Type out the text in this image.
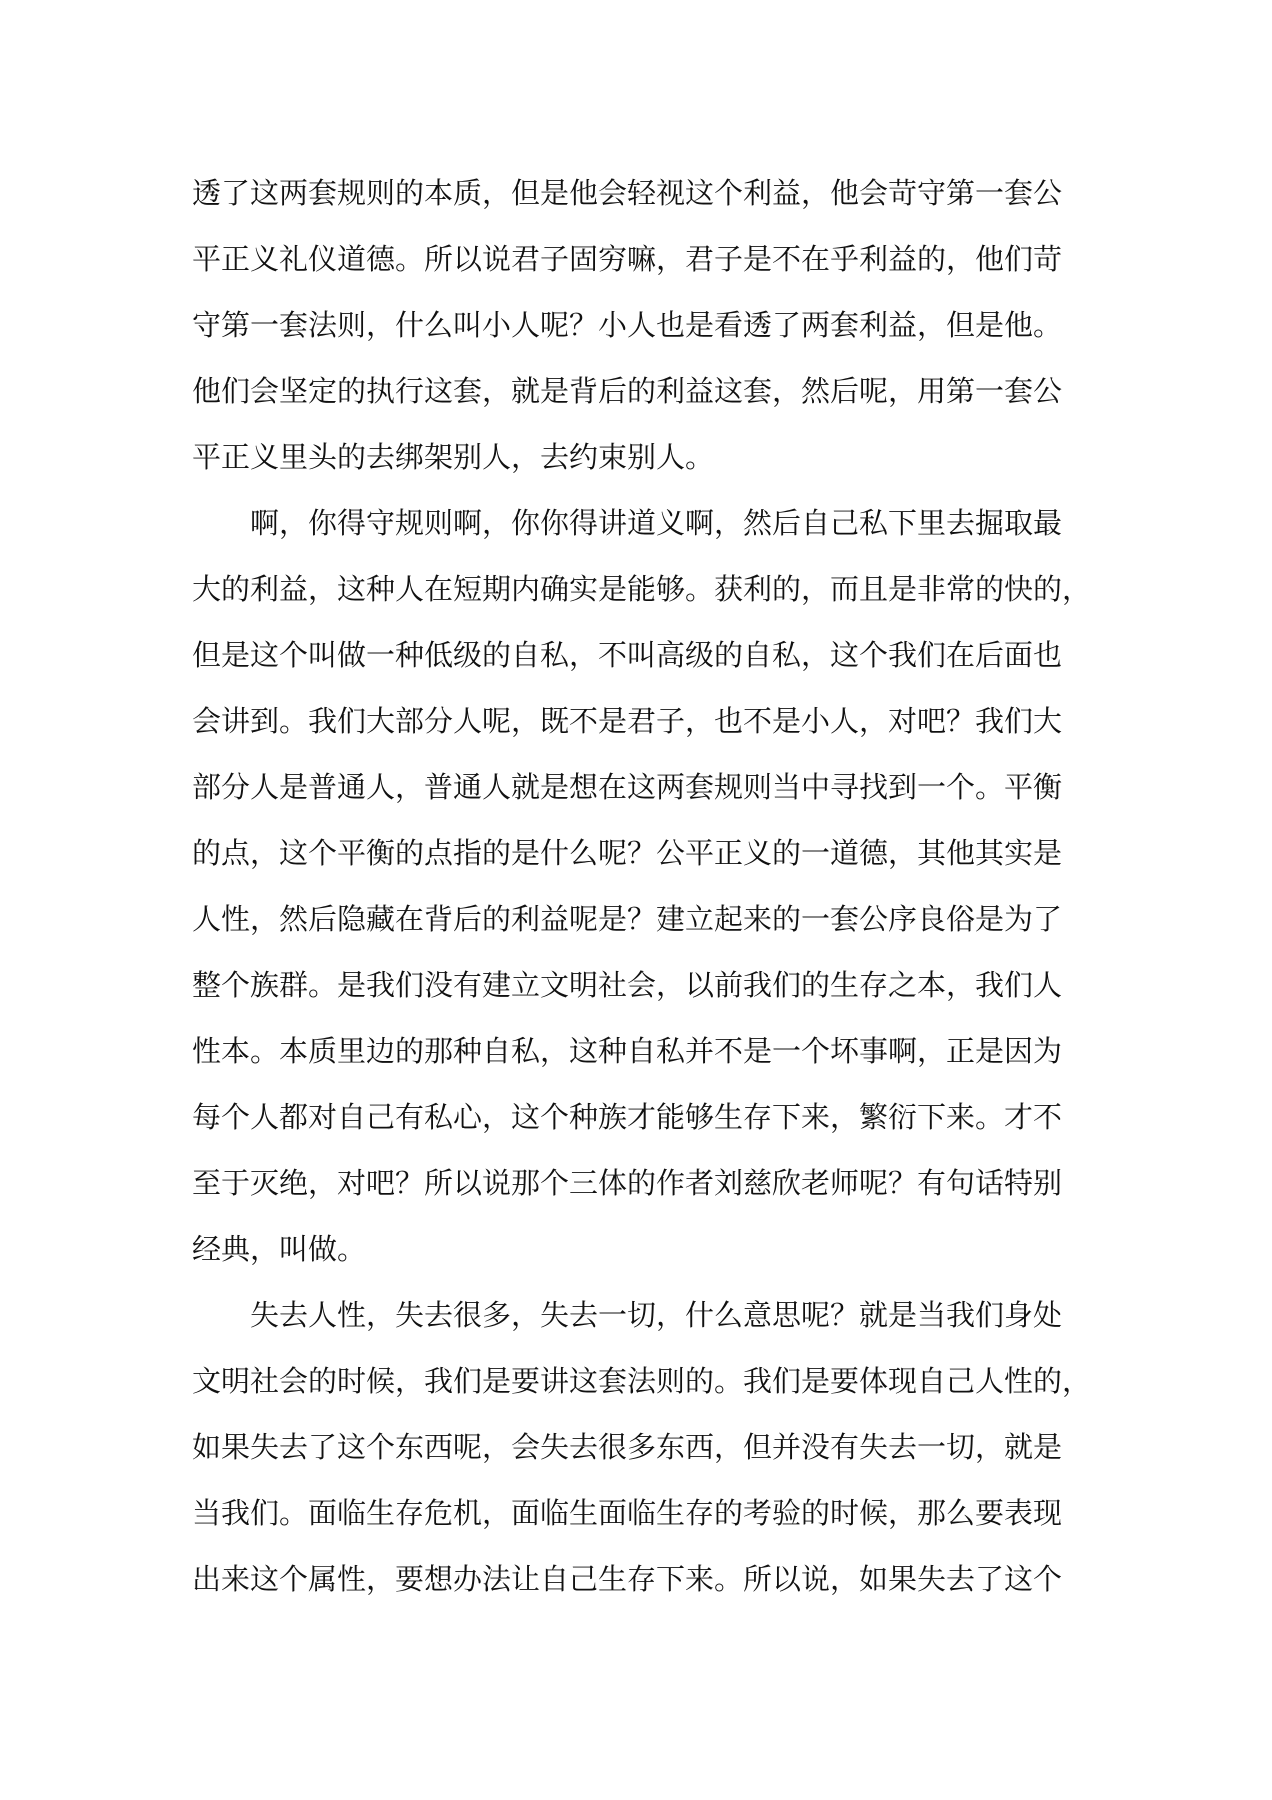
透了这两套规则的本质，但是他会轻视这个利益，他会苛守第一套公
平正义礼仪道德。所以说君子固穷嘛，君子是不在乎利益的，他们苛
守第一套法则，什么叫小人呢？小人也是看透了两套利益，但是他。
他们会坚定的执行这套，就是背后的利益这套，然后呢，用第一套公
平正义里头的去绑架别人，去约束别人。
啊，你得守规则啊，你你得讲道义啊，然后自己私下里去掘取最
大的利益，这种人在短期内确实是能够。获利的，而且是非常的快的，
但是这个叫做一种低级的自私，不叫高级的自私，这个我们在后面也
会讲到。我们大部分人呢，既不是君子，也不是小人，对吧？我们大
部分人是普通人，普通人就是想在这两套规则当中寻找到一个。平衡
的点，这个平衡的点指的是什么呢？公平正义的一道德，其他其实是
人性，然后隐藏在背后的利益呢是？建立起来的一套公序良俗是为了
整个族群。是我们没有建立文明社会，以前我们的生存之本，我们人
性本。本质里边的那种自私，这种自私并不是一个坏事啊，正是因为
每个人都对自己有私心，这个种族才能够生存下来，繁衍下来。才不
至于灭绝，对吧？所以说那个三体的作者刘慈欣老师呢？有句话特别
经典，叫做。
失去人性，失去很多，失去一切，什么意思呢？就是当我们身处
文明社会的时候，我们是要讲这套法则的。我们是要体现自己人性的，
如果失去了这个东西呢，会失去很多东西，但并没有失去一切，就是
当我们。面临生存危机，面临生面临生存的考验的时候，那么要表现
出来这个属性，要想办法让自己生存下来。所以说，如果失去了这个
